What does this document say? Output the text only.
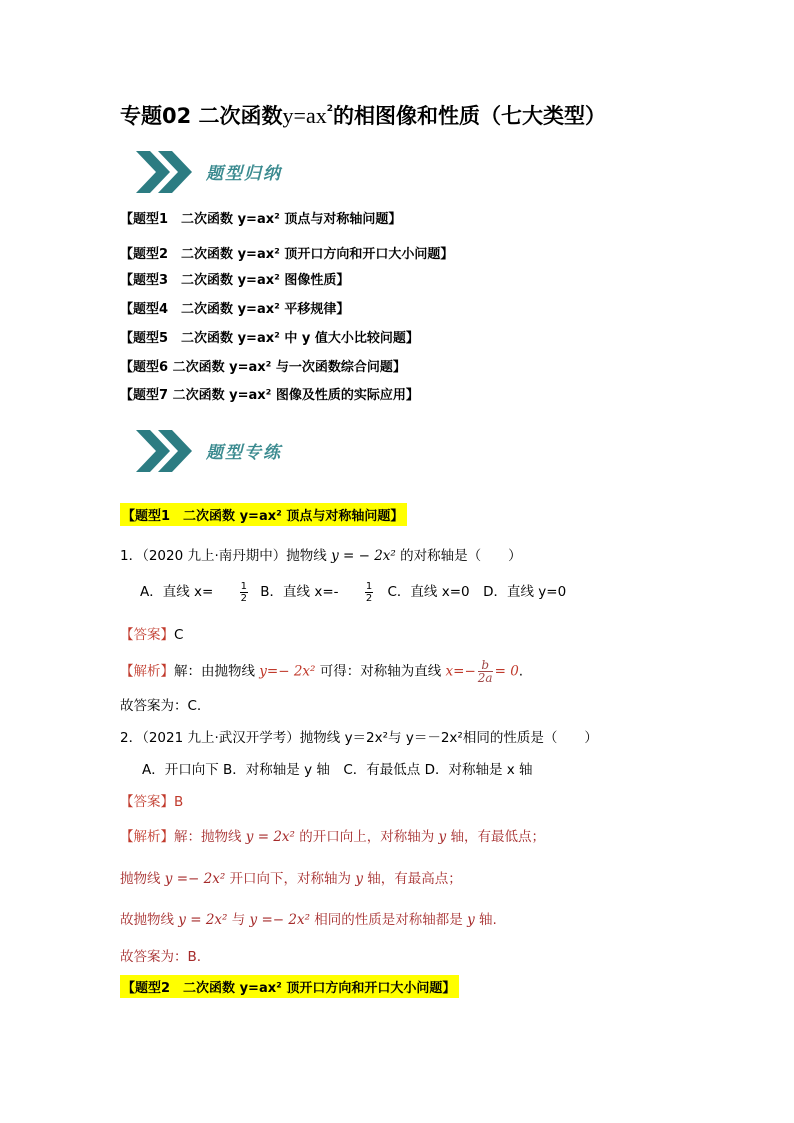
专题02 二次函数$y=ax^2$的相图像和性质（七大类型）
题型归纳
【题型1　二次函数 y=ax² 顶点与对称轴问题】
【题型2　二次函数 y=ax² 顶开口方向和开口大小问题】
【题型3　二次函数 y=ax² 图像性质】
【题型4　二次函数 y=ax² 平移规律】
【题型5　二次函数 y=ax² 中 y 值大小比较问题】
【题型6 二次函数 y=ax² 与一次函数综合问题】
【题型7 二次函数 y=ax² 图像及性质的实际应用】
题型专练
【题型1　二次函数 y=ax² 顶点与对称轴问题】
1．（2020 九上·南丹期中）抛物线 y = − 2x² 的对称轴是（　　）
A．直线 x=	$\frac{1}{2}$ B．直线 x=-	$\frac{1}{2}$ C．直线 x=0　D．直线 y=0
【答案】C
【解析】解：由抛物线 y=− 2x² 可得：对称轴为直线 $x=- \frac{b}{2a} = 0$.
故答案为：C.
2．（2021 九上·武汉开学考）抛物线 y＝2x²与 y＝－2x²相同的性质是（　　）
A．开口向下 B．对称轴是 y 轴　C．有最低点 D．对称轴是 x 轴
【答案】B
【解析】解：抛物线 y = 2x² 的开口向上，对称轴为 y 轴，有最低点；
抛物线 y =− 2x² 开口向下，对称轴为 y 轴，有最高点；
故抛物线 y = 2x² 与 y =− 2x² 相同的性质是对称轴都是 y 轴.
故答案为：B.
【题型2　二次函数 y=ax² 顶开口方向和开口大小问题】
